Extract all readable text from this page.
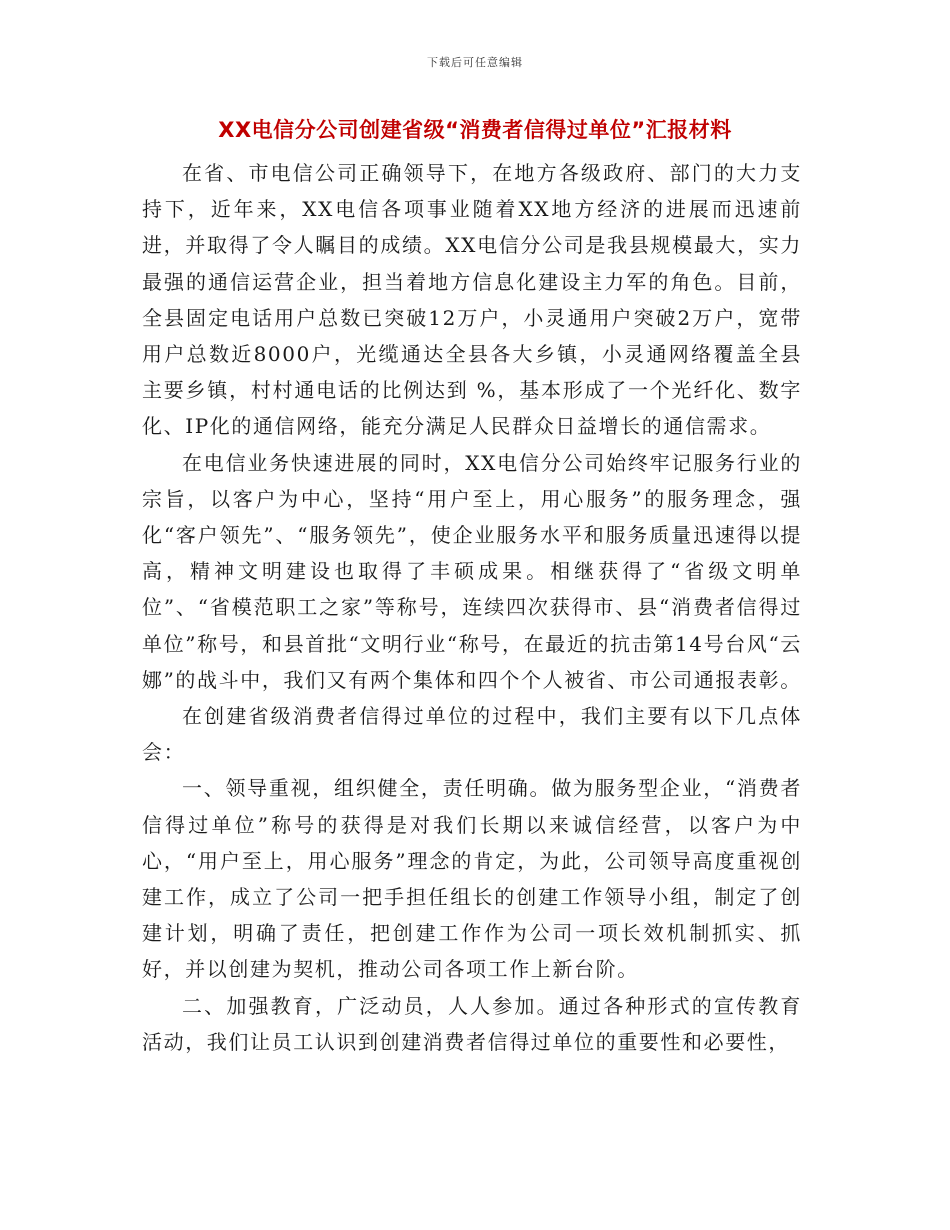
下载后可任意编辑
XX电信分公司创建省级“消费者信得过单位”汇报材料

在省、市电信公司正确领导下，在地方各级政府、部门的大力支持下，近年来，XX电信各项事业随着XX地方经济的进展而迅速前进，并取得了令人瞩目的成绩。XX电信分公司是我县规模最大，实力最强的通信运营企业，担当着地方信息化建设主力军的角色。目前，全县固定电话用户总数已突破12万户，小灵通用户突破2万户，宽带用户总数近8000户，光缆通达全县各大乡镇，小灵通网络覆盖全县主要乡镇，村村通电话的比例达到 %，基本形成了一个光纤化、数字化、IP化的通信网络，能充分满足人民群众日益增长的通信需求。

在电信业务快速进展的同时，XX电信分公司始终牢记服务行业的宗旨，以客户为中心，坚持“用户至上，用心服务”的服务理念，强化“客户领先”、“服务领先”，使企业服务水平和服务质量迅速得以提高，精神文明建设也取得了丰硕成果。相继获得了“省级文明单位”、“省模范职工之家”等称号，连续四次获得市、县“消费者信得过单位”称号，和县首批“文明行业“称号，在最近的抗击第14号台风“云娜”的战斗中，我们又有两个集体和四个个人被省、市公司通报表彰。

在创建省级消费者信得过单位的过程中，我们主要有以下几点体会：

一、领导重视，组织健全，责任明确。做为服务型企业，“消费者信得过单位”称号的获得是对我们长期以来诚信经营，以客户为中心，“用户至上，用心服务”理念的肯定，为此，公司领导高度重视创建工作，成立了公司一把手担任组长的创建工作领导小组，制定了创建计划，明确了责任，把创建工作作为公司一项长效机制抓实、抓好，并以创建为契机，推动公司各项工作上新台阶。

二、加强教育，广泛动员，人人参加。通过各种形式的宣传教育活动，我们让员工认识到创建消费者信得过单位的重要性和必要性，
